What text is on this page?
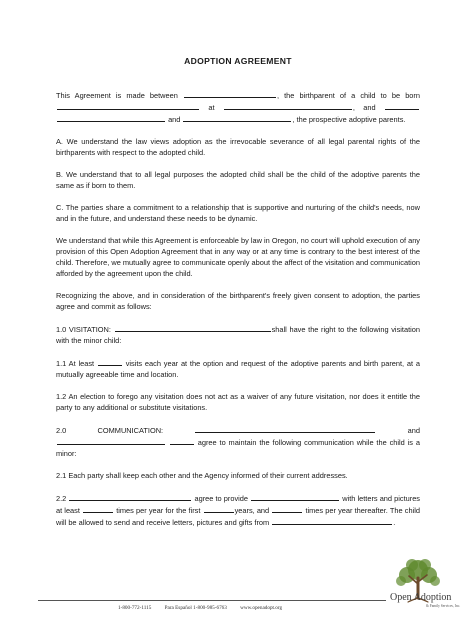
ADOPTION AGREEMENT

This Agreement is made between	, the birthparent of a child to be born  at	, and   and	, the prospective adoptive parents.

A. We understand the law views adoption as the irrevocable severance of all legal parental rights of the birthparents with respect to the adopted child.

B. We understand that to all legal purposes the adopted child shall be the child of the adoptive parents the same as if born to them.

C. The parties share a commitment to a relationship that is supportive and nurturing of the child's needs, now and in the future, and understand these needs to be dynamic.

We understand that while this Agreement is enforceable by law in Oregon, no court will uphold execution of any provision of this Open Adoption Agreement that in any way or at any time is contrary to the best interest of the child. Therefore, we mutually agree to communicate openly about the affect of the visitation and communication afforded by the agreement upon the child.

Recognizing the above, and in consideration of the birthparent's freely given consent to adoption, the parties agree and commit as follows:

1.0 VISITATION:	shall have the right to the following visitation with the minor child:

1.1 At least	visits each year at the option and request of the adoptive parents and birth parent, at a mutually agreeable time and location.

1.2 An election to forego any visitation does not act as a waiver of any future visitation, nor does it entitle the party to any additional or substitute visitations.

2.0 COMMUNICATION:	and   agree to maintain the following communication while the child is a minor:

2.1 Each party shall keep each other and the Agency informed of their current addresses.

2.2	agree to provide	with letters and pictures at least	times per year for the first	years, and	times per year thereafter. The child will be allowed to send and receive letters, pictures and gifts from	.

1-800-772-1115	Para Español 1-800-985-6763	www.openadopt.org
Open Adoption
& Family Services, Inc.
